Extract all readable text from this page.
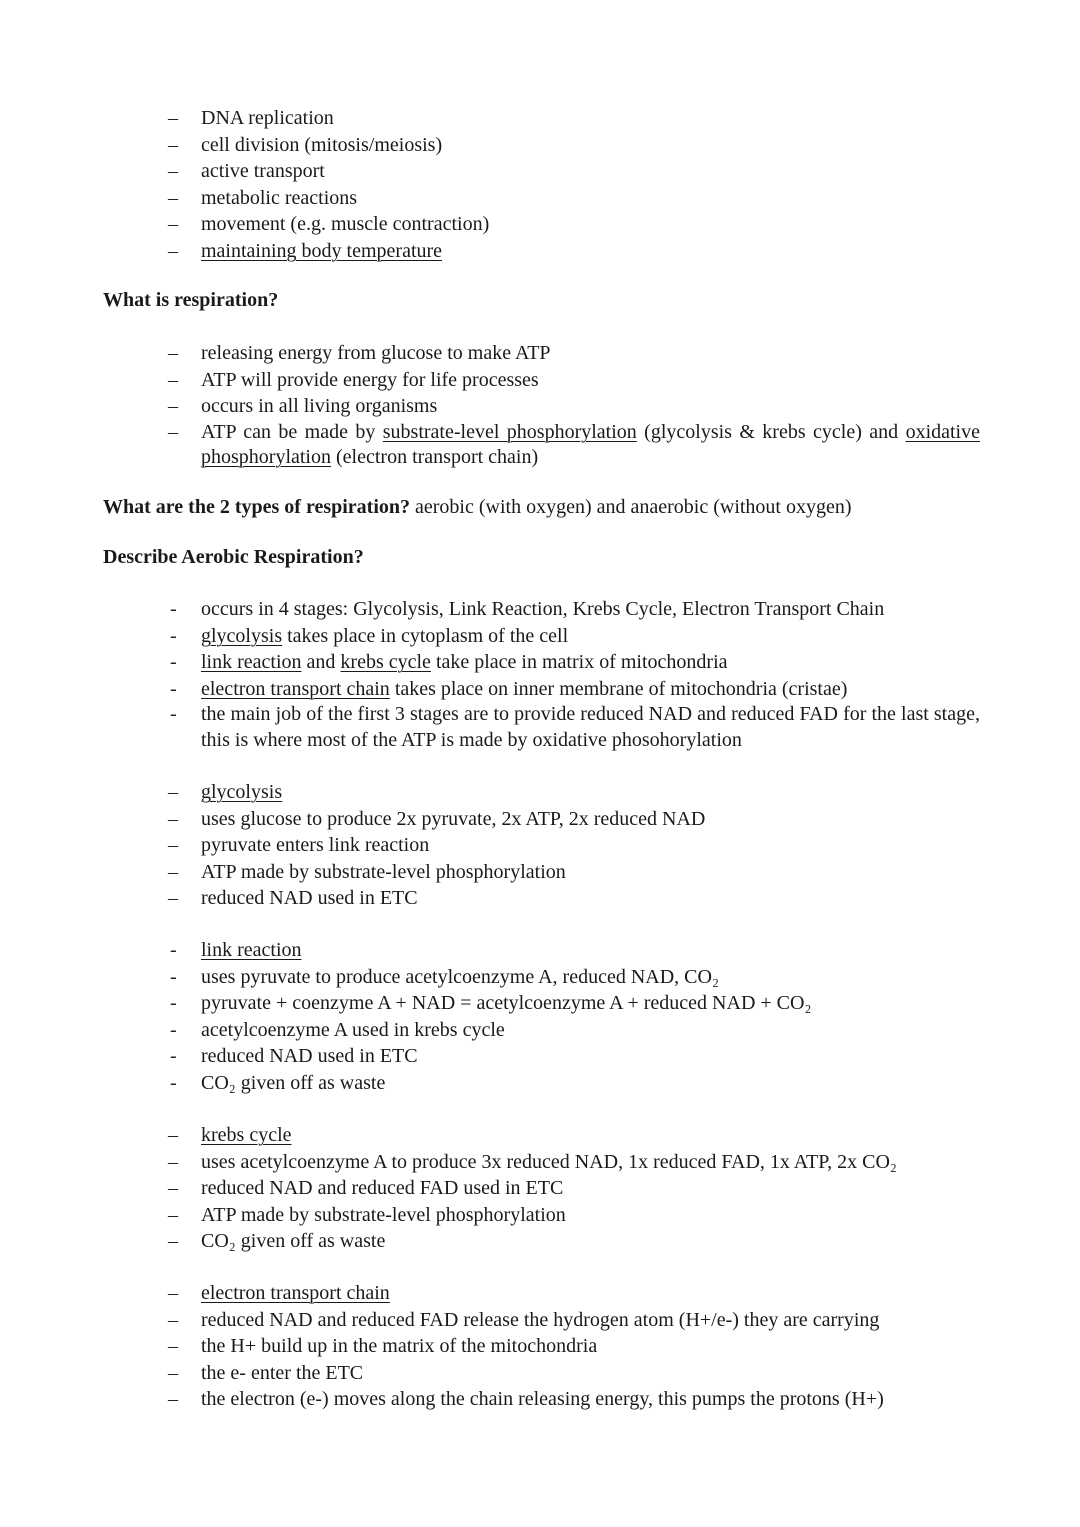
– DNA replication
– cell division (mitosis/meiosis)
– active transport
– metabolic reactions
– movement (e.g. muscle contraction)
– maintaining body temperature
What is respiration?
– releasing energy from glucose to make ATP
– ATP will provide energy for life processes
– occurs in all living organisms
– ATP can be made by substrate-level phosphorylation (glycolysis & krebs cycle) and oxidative phosphorylation (electron transport chain)
What are the 2 types of respiration? aerobic (with oxygen) and anaerobic (without oxygen)
Describe Aerobic Respiration?
- occurs in 4 stages: Glycolysis, Link Reaction, Krebs Cycle, Electron Transport Chain
- glycolysis takes place in cytoplasm of the cell
- link reaction and krebs cycle take place in matrix of mitochondria
- electron transport chain takes place on inner membrane of mitochondria (cristae)
- the main job of the first 3 stages are to provide reduced NAD and reduced FAD for the last stage, this is where most of the ATP is made by oxidative phosohorylation
– glycolysis
– uses glucose to produce 2x pyruvate, 2x ATP, 2x reduced NAD
– pyruvate enters link reaction
– ATP made by substrate-level phosphorylation
– reduced NAD used in ETC
- link reaction
- uses pyruvate to produce acetylcoenzyme A, reduced NAD, CO₂
- pyruvate + coenzyme A + NAD = acetylcoenzyme A + reduced NAD + CO₂
- acetylcoenzyme A used in krebs cycle
- reduced NAD used in ETC
- CO₂ given off as waste
– krebs cycle
– uses acetylcoenzyme A to produce 3x reduced NAD, 1x reduced FAD, 1x ATP, 2x CO₂
– reduced NAD and reduced FAD used in ETC
– ATP made by substrate-level phosphorylation
– CO₂ given off as waste
– electron transport chain
– reduced NAD and reduced FAD release the hydrogen atom (H+/e-) they are carrying
– the H+ build up in the matrix of the mitochondria
– the e- enter the ETC
– the electron (e-) moves along the chain releasing energy, this pumps the protons (H+)
